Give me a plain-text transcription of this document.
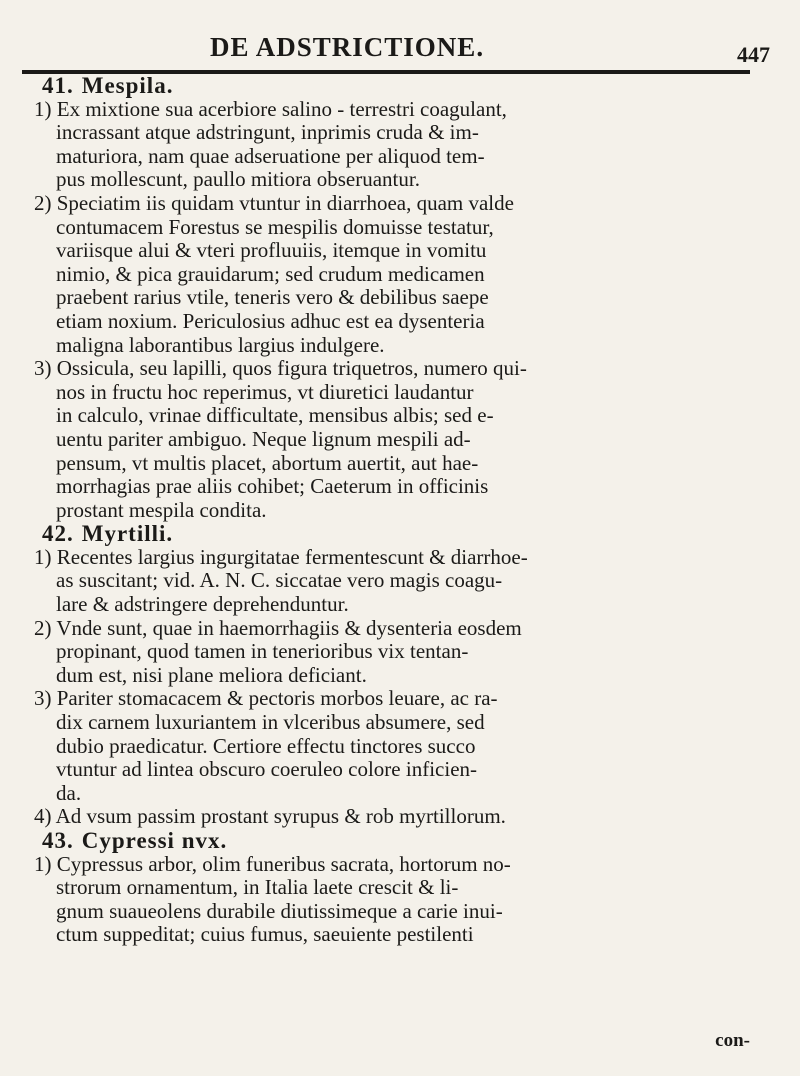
DE ADSTRICTIONE.	447
41. Mespila.

1) Ex mixtione sua acerbiore salino - terrestri coagulant,
incrassant atque adstringunt, inprimis cruda & im-
maturiora, nam quae adseruatione per aliquod tem-
pus mollescunt, paullo mitiora obseruantur.

2) Speciatim iis quidam vtuntur in diarrhoea, quam valde
contumacem Forestus se mespilis domuisse testatur,
variisque alui & vteri profluuiis, itemque in vomitu
nimio, & pica grauidarum; sed crudum medicamen
praebent rarius vtile, teneris vero & debilibus saepe
etiam noxium. Periculosius adhuc est ea dysenteria
maligna laborantibus largius indulgere.

3) Ossicula, seu lapilli, quos figura triquetros, numero qui-
nos in fructu hoc reperimus, vt diuretici laudantur
in calculo, vrinae difficultate, mensibus albis; sed e-
uentu pariter ambiguo. Neque lignum mespili ad-
pensum, vt multis placet, abortum auertit, aut hae-
morrhagias prae aliis cohibet; Caeterum in officinis
prostant mespila condita.

42. Myrtilli.

1) Recentes largius ingurgitatae fermentescunt & diarrhoe-
as suscitant; vid. A. N. C. siccatae vero magis coagu-
lare & adstringere deprehenduntur.

2) Vnde sunt, quae in haemorrhagiis & dysenteria eosdem
propinant, quod tamen in tenerioribus vix tentan-
dum est, nisi plane meliora deficiant.

3) Pariter stomacacem & pectoris morbos leuare, ac ra-
dix carnem luxuriantem in vlceribus absumere, sed
dubio praedicatur. Certiore effectu tinctores succo
vtuntur ad lintea obscuro coeruleo colore inficien-
da.

4) Ad vsum passim prostant syrupus & rob myrtillorum.

43. Cypressi nvx.

1) Cypressus arbor, olim funeribus sacrata, hortorum no-
strorum ornamentum, in Italia laete crescit & li-
gnum suaueolens durabile diutissimeque a carie inui-
ctum suppeditat; cuius fumus, saeuiente pestilenti

con-
